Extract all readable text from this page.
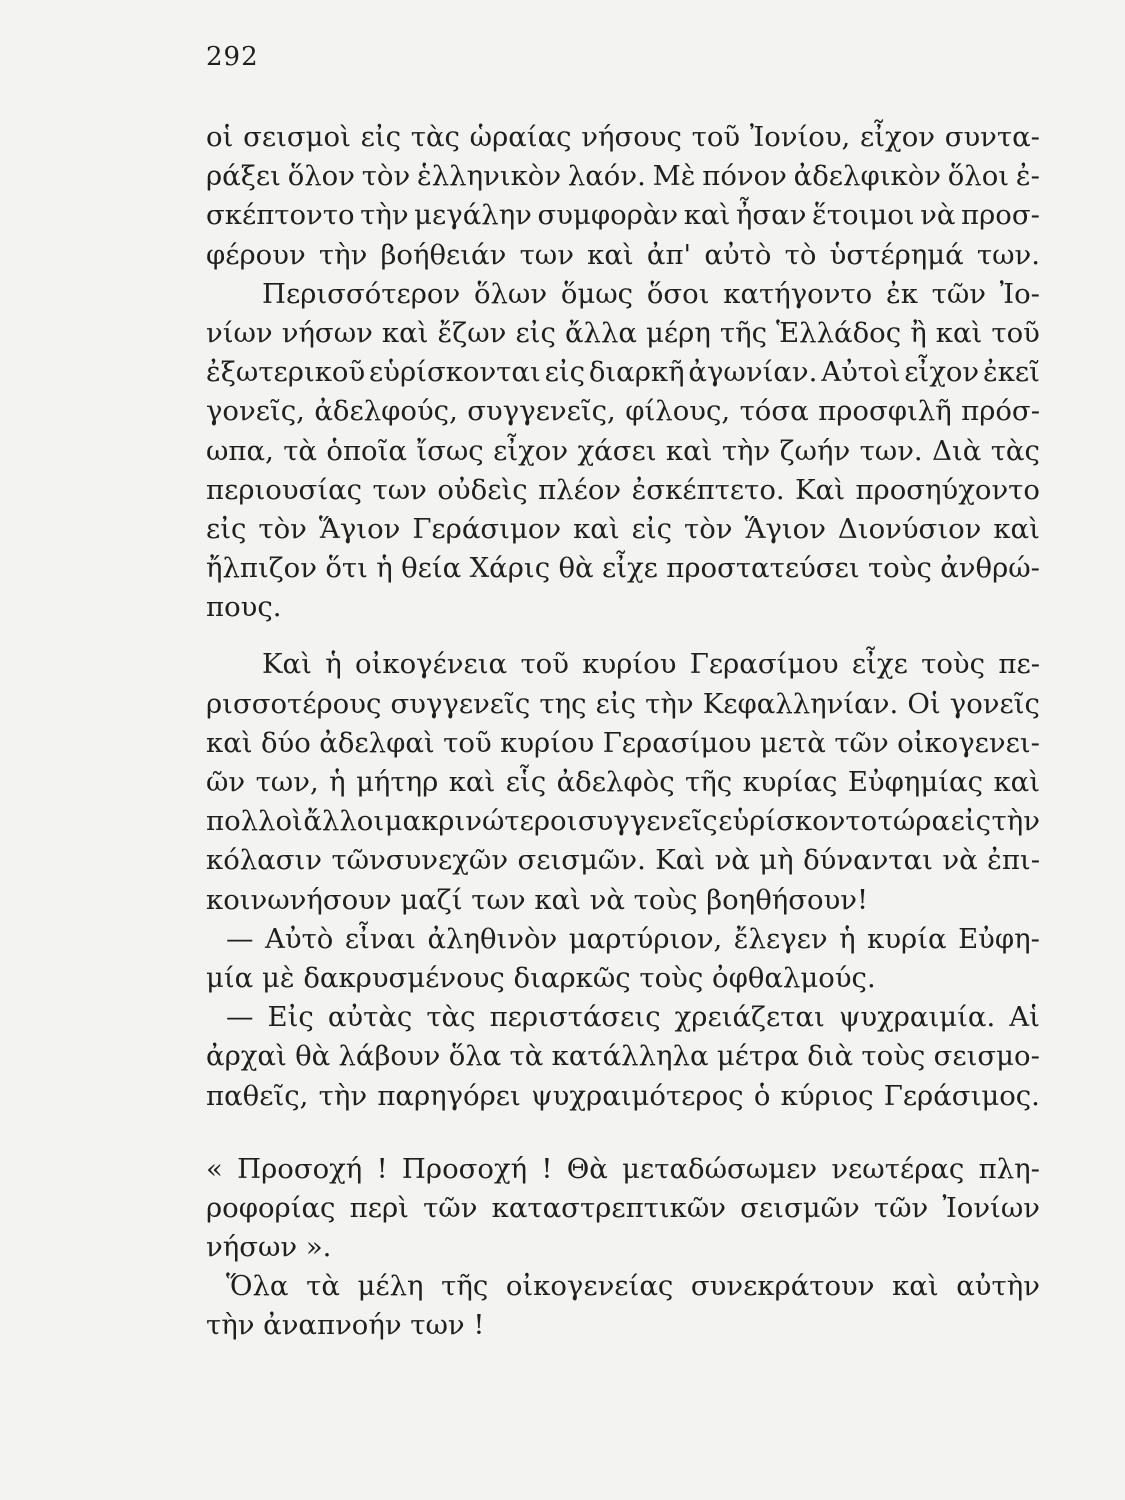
292
οἱ σεισμοὶ εἰς τὰς ὡραίας νήσους τοῦ Ἰονίου, εἶχον συντα-
ράξει ὅλον τὸν ἑλληνικὸν λαόν. Μὲ πόνον ἀδελφικὸν ὅλοι ἐ-
σκέπτοντο τὴν μεγάλην συμφορὰν καὶ ἦσαν ἕτοιμοι νὰ προσ-
φέρουν τὴν βοήθειάν των καὶ ἀπ' αὐτὸ τὸ ὑστέρημά των.
Περισσότερον ὅλων ὅμως ὅσοι κατήγοντο ἐκ τῶν Ἰο-
νίων νήσων καὶ ἔζων εἰς ἄλλα μέρη τῆς Ἑλλάδος ἢ καὶ τοῦ
ἐξωτερικοῦ εὑρίσκονται εἰς διαρκῆ ἀγωνίαν. Αὐτοὶ εἶχον ἐκεῖ
γονεῖς, ἀδελφούς, συγγενεῖς, φίλους, τόσα προσφιλῆ πρόσ-
ωπα, τὰ ὁποῖα ἴσως εἶχον χάσει καὶ τὴν ζωήν των. Διὰ τὰς
περιουσίας των οὐδεὶς πλέον ἐσκέπτετο. Καὶ προσηύχοντο
εἰς τὸν Ἅγιον Γεράσιμον καὶ εἰς τὸν Ἅγιον Διονύσιον καὶ
ἤλπιζον ὅτι ἡ θεία Χάρις θὰ εἶχε προστατεύσει τοὺς ἀνθρώ-
πους.
Καὶ ἡ οἰκογένεια τοῦ κυρίου Γερασίμου εἶχε τοὺς πε-
ρισσοτέρους συγγενεῖς της εἰς τὴν Κεφαλληνίαν. Οἱ γονεῖς
καὶ δύο ἀδελφαὶ τοῦ κυρίου Γερασίμου μετὰ τῶν οἰκογενει-
ῶν των, ἡ μήτηρ καὶ εἷς ἀδελφὸς τῆς κυρίας Εὐφημίας καὶ
πολλοὶ ἄλλοι μακρινώτεροι συγγενεῖς εὑρίσκοντο τώρα εἰς τὴν
κόλασιν τῶνσυνεχῶν σεισμῶν. Καὶ νὰ μὴ δύνανται νὰ ἐπι-
κοινωνήσουν μαζί των καὶ νὰ τοὺς βοηθήσουν!
— Αὐτὸ εἶναι ἀληθινὸν μαρτύριον, ἔλεγεν ἡ κυρία Εὐφη-
μία μὲ δακρυσμένους διαρκῶς τοὺς ὀφθαλμούς.
— Εἰς αὐτὰς τὰς περιστάσεις χρειάζεται ψυχραιμία. Αἱ
ἀρχαὶ θὰ λάβουν ὅλα τὰ κατάλληλα μέτρα διὰ τοὺς σεισμο-
παθεῖς, τὴν παρηγόρει ψυχραιμότερος ὁ κύριος Γεράσιμος.
« Προσοχή ! Προσοχή ! Θὰ μεταδώσωμεν νεωτέρας πλη-
ροφορίας περὶ τῶν καταστρεπτικῶν σεισμῶν τῶν Ἰονίων
νήσων ».
Ὅλα τὰ μέλη τῆς οἰκογενείας συνεκράτουν καὶ αὐτὴν
τὴν ἀναπνοήν των !
